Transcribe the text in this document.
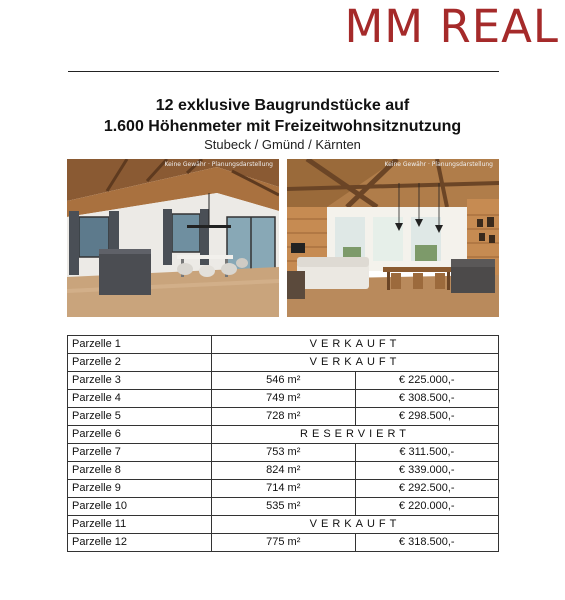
MM REAL
12 exklusive Baugrundstücke auf
1.600 Höhenmeter mit Freizeitwohnsitznutzung
Stubeck / Gmünd / Kärnten
Keine Gewähr · Planungsdarstellung	Keine Gewähr · Planungsdarstellung
Parzelle 1	VERKAUFT	
Parzelle 2	VERKAUFT	
Parzelle 3	546 m²	€ 225.000,-
Parzelle 4	749 m²	€ 308.500,-
Parzelle 5	728 m²	€ 298.500,-
Parzelle 6	RESERVIERT	
Parzelle 7	753 m²	€ 311.500,-
Parzelle 8	824 m²	€ 339.000,-
Parzelle 9	714 m²	€ 292.500,-
Parzelle 10	535 m²	€ 220.000,-
Parzelle 11	VERKAUFT	
Parzelle 12	775 m²	€ 318.500,-
